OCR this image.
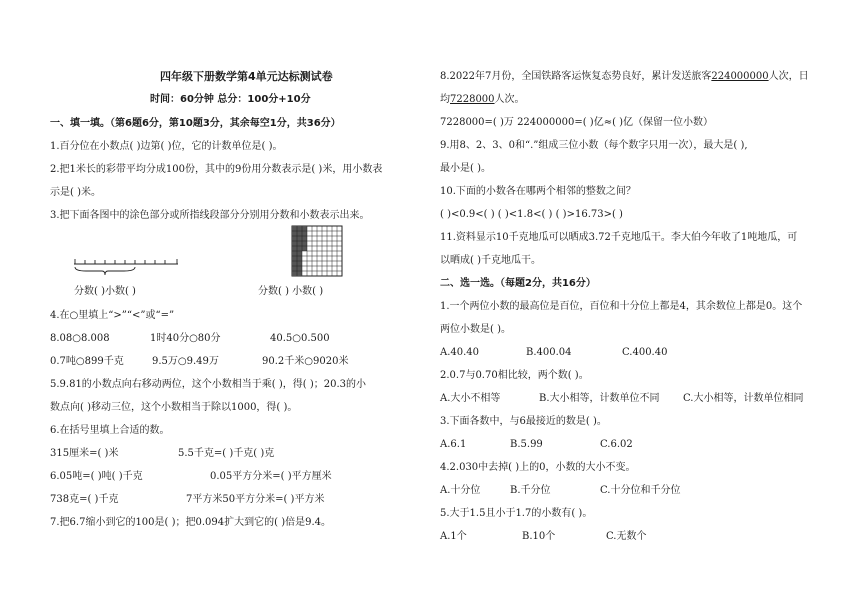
四年级下册数学第4单元达标测试卷
时间：60分钟 总分：100分+10分
一、填一填。（第6题6分，第10题3分，其余每空1分，共36分）
1.百分位在小数点( )边第( )位，它的计数单位是( )。
2.把1米长的彩带平均分成100份，其中的9份用分数表示是( )米，用小数表
示是( )米。
3.把下面各图中的涂色部分或所指线段部分分别用分数和小数表示出来。
分数( )小数( )	分数( ) 小数( )
4.在○里填上“>”“<”或“=”
8.08○8.008	1时40分○80分	40.5○0.500
0.7吨○899千克	9.5万○9.49万	90.2千米○9020米
5.9.81的小数点向右移动两位，这个小数相当于乘( )，得( )；20.3的小
数点向( )移动三位，这个小数相当于除以1000，得( )。
6.在括号里填上合适的数。
315厘米=( )米	5.5千克=( )千克( )克
6.05吨=( )吨( )千克	0.05平方分米=( )平方厘米
738克=( )千克	7平方米50平方分米=( )平方米
7.把6.7缩小到它的100是( )；把0.094扩大到它的( )倍是9.4。
8.2022年7月份，全国铁路客运恢复态势良好，累计发送旅客224000000人次，日
均7228000人次。
7228000=( )万 224000000=( )亿≈( )亿（保留一位小数）
9.用8、2、3、0和“.”组成三位小数（每个数字只用一次），最大是( ),
最小是( )。
10.下面的小数各在哪两个相邻的整数之间？
( )<0.9<( ) ( )<1.8<( ) ( )>16.73>( )
11.资料显示10千克地瓜可以晒成3.72千克地瓜干。李大伯今年收了1吨地瓜，可
以晒成( )千克地瓜干。
二、选一选。（每题2分，共16分）
1.一个两位小数的最高位是百位，百位和十分位上都是4，其余数位上都是0。这个
两位小数是( )。
A.40.40	B.400.04	C.400.40
2.0.7与0.70相比较，两个数( )。
A.大小不相等	B.大小相等，计数单位不同 C.大小相等，计数单位相同
3.下面各数中，与6最接近的数是( )。
A.6.1	B.5.99	C.6.02
4.2.030中去掉( )上的0，小数的大小不变。
A.十分位	B.千分位	C.十分位和千分位
5.大于1.5且小于1.7的小数有( )。
A.1个	B.10个	C.无数个
